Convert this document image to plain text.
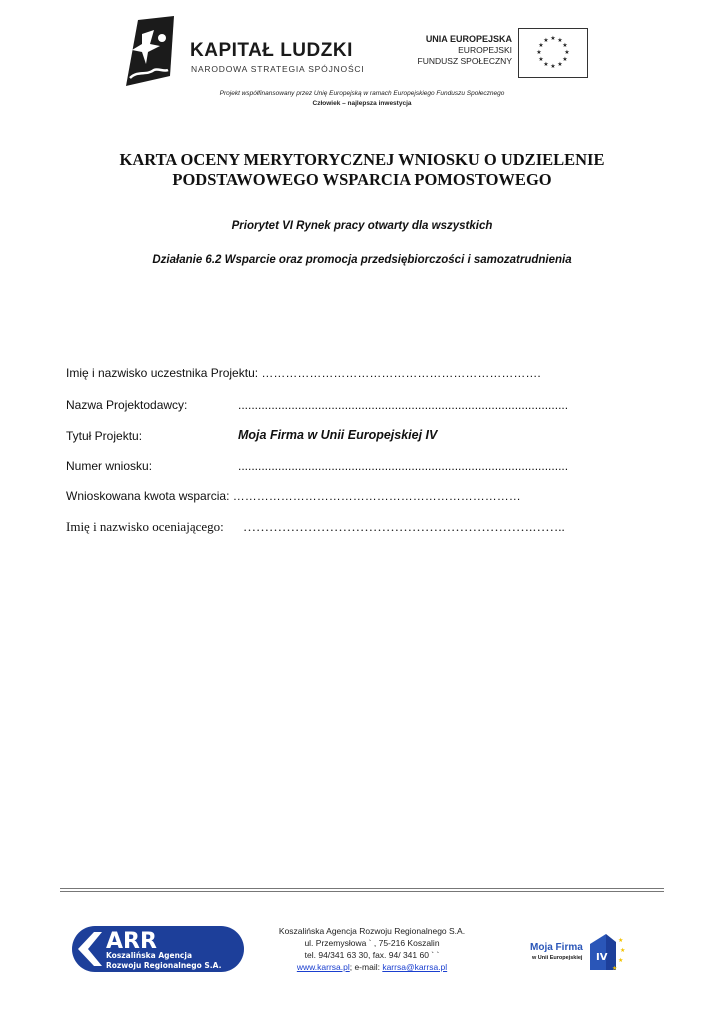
KAPITAŁ LUDZKI
NARODOWA STRATEGIA SPÓJNOŚCI
UNIA EUROPEJSKA
EUROPEJSKI
FUNDUSZ SPOŁECZNY
★ ★
★
★
★
★
★
★
★
★
★
★
Projekt współfinansowany przez Unię Europejską w ramach Europejskiego Funduszu Społecznego
Człowiek – najlepsza inwestycja
KARTA OCENY MERYTORYCZNEJ WNIOSKU O UDZIELENIE
PODSTAWOWEGO WSPARCIA POMOSTOWEGO
Priorytet VI Rynek pracy otwarty dla wszystkich
Działanie 6.2 Wsparcie oraz promocja przedsiębiorczości i samozatrudnienia
Imię i nazwisko uczestnika Projektu: …………………………………………………………….
Nazwa Projektodawcy:	...................................................................................................
Tytuł Projektu:	Moja Firma w Unii Europejskiej IV
Numer wniosku:	...................................................................................................
Wnioskowana kwota wsparcia: ………………………………………………………………
Imię i nazwisko oceniającego: ………………………………………………………….……..
ARR
Koszalińska Agencja
Rozwoju Regionalnego S.A.
Koszalińska Agencja Rozwoju Regionalnego S.A.
ul. Przemysłowa ` , 75-216 Koszalin
tel. 94/341 63 30, fax. 94/ 341 60 ` `
www.karrsa.pl; e-mail: karrsa@karrsa.pl
IV
★
★
★
★
Moja Firma
w Unii Europejskiej
